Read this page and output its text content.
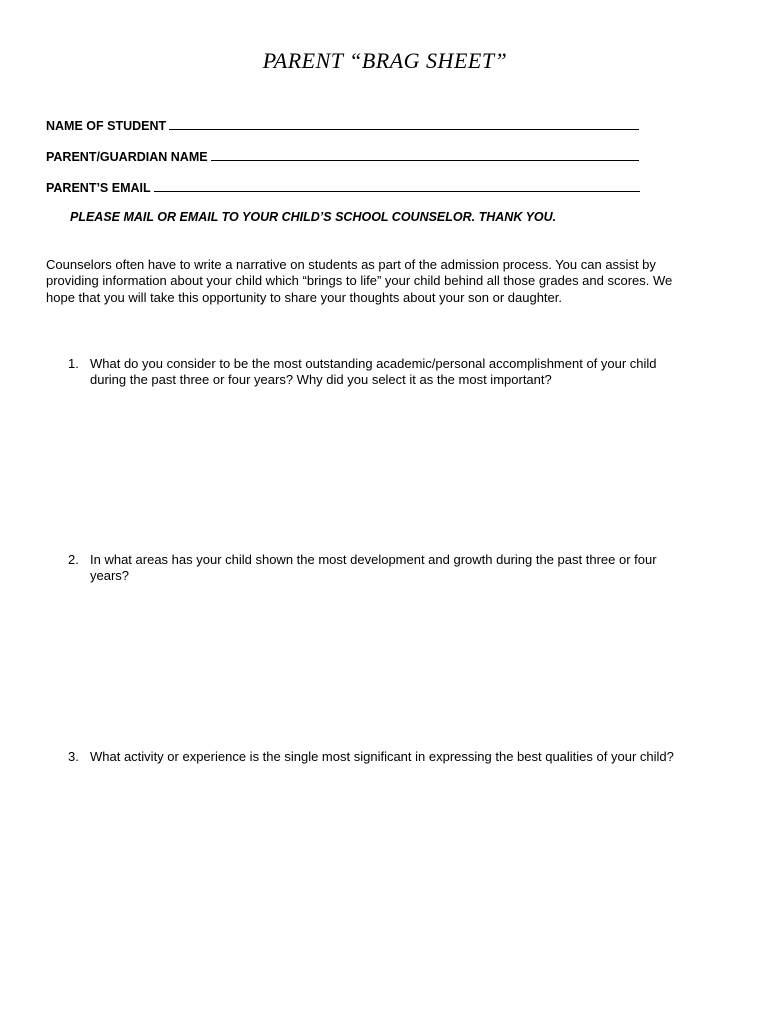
PARENT “BRAG SHEET”
NAME OF STUDENT
PARENT/GUARDIAN NAME
PARENT’S EMAIL
PLEASE MAIL OR EMAIL TO YOUR CHILD’S SCHOOL COUNSELOR. THANK YOU.
Counselors often have to write a narrative on students as part of the admission process. You can assist by providing information about your child which “brings to life” your child behind all those grades and scores. We hope that you will take this opportunity to share your thoughts about your son or daughter.
1. What do you consider to be the most outstanding academic/personal accomplishment of your child during the past three or four years? Why did you select it as the most important?
2. In what areas has your child shown the most development and growth during the past three or four years?
3. What activity or experience is the single most significant in expressing the best qualities of your child?
